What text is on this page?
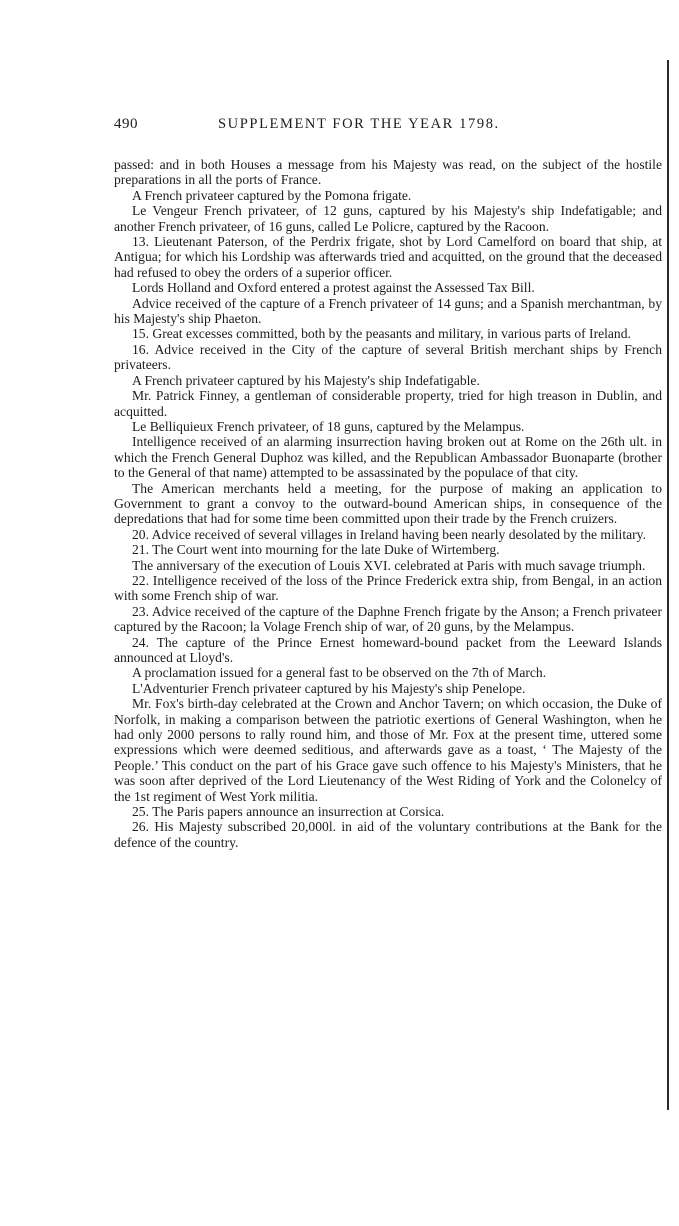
490	SUPPLEMENT FOR THE YEAR 1798.

passed: and in both Houses a message from his Majesty was read, on the subject of the hostile preparations in all the ports of France.

A French privateer captured by the Pomona frigate.

Le Vengeur French privateer, of 12 guns, captured by his Majesty's ship Indefatigable; and another French privateer, of 16 guns, called Le Policre, captured by the Racoon.

13. Lieutenant Paterson, of the Perdrix frigate, shot by Lord Camelford on board that ship, at Antigua; for which his Lordship was afterwards tried and acquitted, on the ground that the deceased had refused to obey the orders of a superior officer.

Lords Holland and Oxford entered a protest against the Assessed Tax Bill.

Advice received of the capture of a French privateer of 14 guns; and a Spanish merchantman, by his Majesty's ship Phaeton.

15. Great excesses committed, both by the peasants and military, in various parts of Ireland.

16. Advice received in the City of the capture of several British merchant ships by French privateers.

A French privateer captured by his Majesty's ship Indefatigable.

Mr. Patrick Finney, a gentleman of considerable property, tried for high treason in Dublin, and acquitted.

Le Belliquieux French privateer, of 18 guns, captured by the Melampus.

Intelligence received of an alarming insurrection having broken out at Rome on the 26th ult. in which the French General Duphoz was killed, and the Republican Ambassador Buonaparte (brother to the General of that name) attempted to be assassinated by the populace of that city.

The American merchants held a meeting, for the purpose of making an application to Government to grant a convoy to the outward-bound American ships, in consequence of the depredations that had for some time been committed upon their trade by the French cruizers.

20. Advice received of several villages in Ireland having been nearly desolated by the military.

21. The Court went into mourning for the late Duke of Wirtemberg.

The anniversary of the execution of Louis XVI. celebrated at Paris with much savage triumph.

22. Intelligence received of the loss of the Prince Frederick extra ship, from Bengal, in an action with some French ship of war.

23. Advice received of the capture of the Daphne French frigate by the Anson; a French privateer captured by the Racoon; la Volage French ship of war, of 20 guns, by the Melampus.

24. The capture of the Prince Ernest homeward-bound packet from the Leeward Islands announced at Lloyd's.

A proclamation issued for a general fast to be observed on the 7th of March.

L'Adventurier French privateer captured by his Majesty's ship Penelope.

Mr. Fox's birth-day celebrated at the Crown and Anchor Tavern; on which occasion, the Duke of Norfolk, in making a comparison between the patriotic exertions of General Washington, when he had only 2000 persons to rally round him, and those of Mr. Fox at the present time, uttered some expressions which were deemed seditious, and afterwards gave as a toast, ‘ The Majesty of the People.’ This conduct on the part of his Grace gave such offence to his Majesty's Ministers, that he was soon after deprived of the Lord Lieutenancy of the West Riding of York and the Colonelcy of the 1st regiment of West York militia.

25. The Paris papers announce an insurrection at Corsica.

26. His Majesty subscribed 20,000l. in aid of the voluntary contributions at the Bank for the defence of the country.
